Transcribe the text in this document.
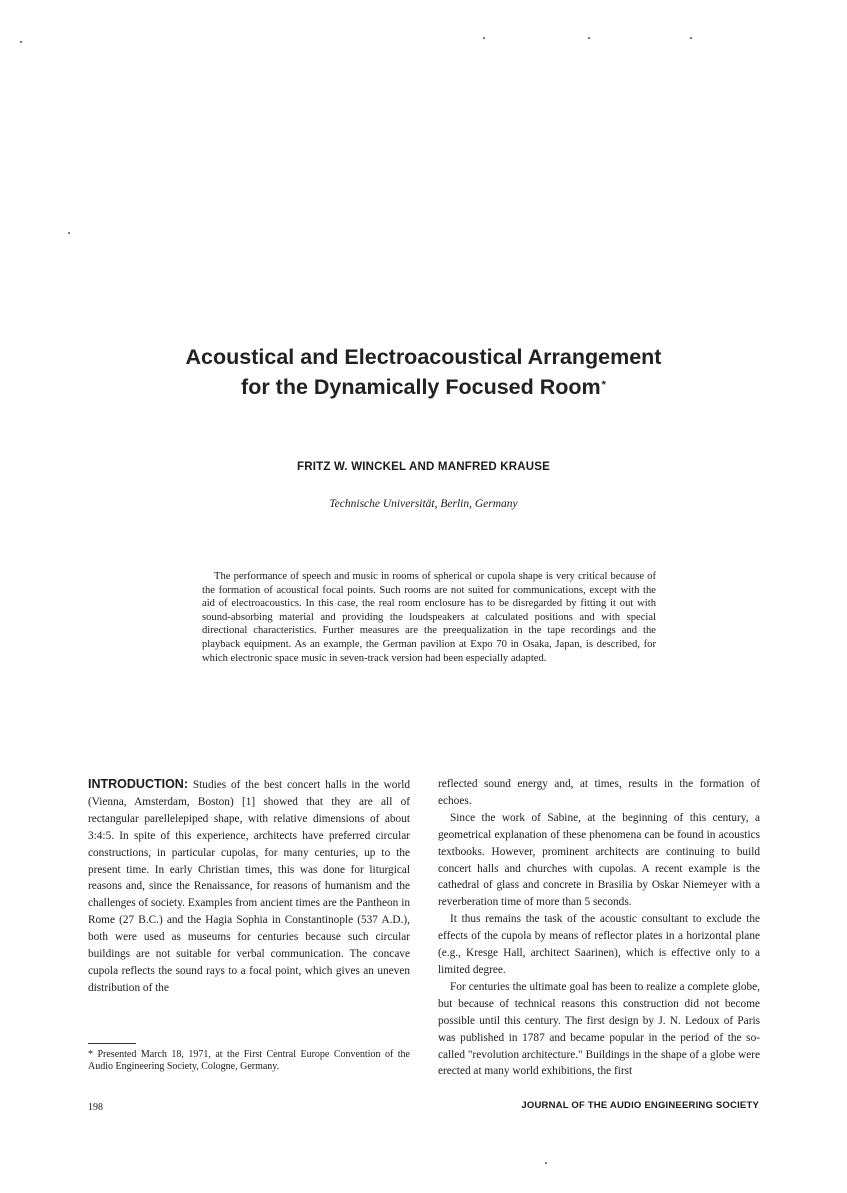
Acoustical and Electroacoustical Arrangement
for the Dynamically Focused Room*
FRITZ W. WINCKEL AND MANFRED KRAUSE
Technische Universität, Berlin, Germany
The performance of speech and music in rooms of spherical or cupola shape is very critical because of the formation of acoustical focal points. Such rooms are not suited for communications, except with the aid of electroacoustics. In this case, the real room enclosure has to be disregarded by fitting it out with sound-absorbing material and providing the loudspeakers at calculated positions and with special directional characteristics. Further measures are the preequalization in the tape recordings and the playback equipment. As an example, the German pavilion at Expo 70 in Osaka, Japan, is described, for which electronic space music in seven-track version had been especially adapted.

INTRODUCTION: Studies of the best concert halls in the world (Vienna, Amsterdam, Boston) [1] showed that they are all of rectangular parellelepiped shape, with relative dimensions of about 3:4:5. In spite of this experience, architects have preferred circular constructions, in particular cupolas, for many centuries, up to the present time. In early Christian times, this was done for liturgical reasons and, since the Renaissance, for reasons of humanism and the challenges of society. Examples from ancient times are the Pantheon in Rome (27 B.C.) and the Hagia Sophia in Constantinople (537 A.D.), both were used as museums for centuries because such circular buildings are not suitable for verbal communication. The concave cupola reflects the sound rays to a focal point, which gives an uneven distribution of the

reflected sound energy and, at times, results in the formation of echoes.

Since the work of Sabine, at the beginning of this century, a geometrical explanation of these phenomena can be found in acoustics textbooks. However, prominent architects are continuing to build concert halls and churches with cupolas. A recent example is the cathedral of glass and concrete in Brasilia by Oskar Niemeyer with a reverberation time of more than 5 seconds.

It thus remains the task of the acoustic consultant to exclude the effects of the cupola by means of reflector plates in a horizontal plane (e.g., Kresge Hall, architect Saarinen), which is effective only to a limited degree.

For centuries the ultimate goal has been to realize a complete globe, but because of technical reasons this construction did not become possible until this century. The first design by J. N. Ledoux of Paris was published in 1787 and became popular in the period of the so-called "revolution architecture." Buildings in the shape of a globe were erected at many world exhibitions, the first

* Presented March 18, 1971, at the First Central Europe Convention of the Audio Engineering Society, Cologne, Germany.
198	JOURNAL OF THE AUDIO ENGINEERING SOCIETY
